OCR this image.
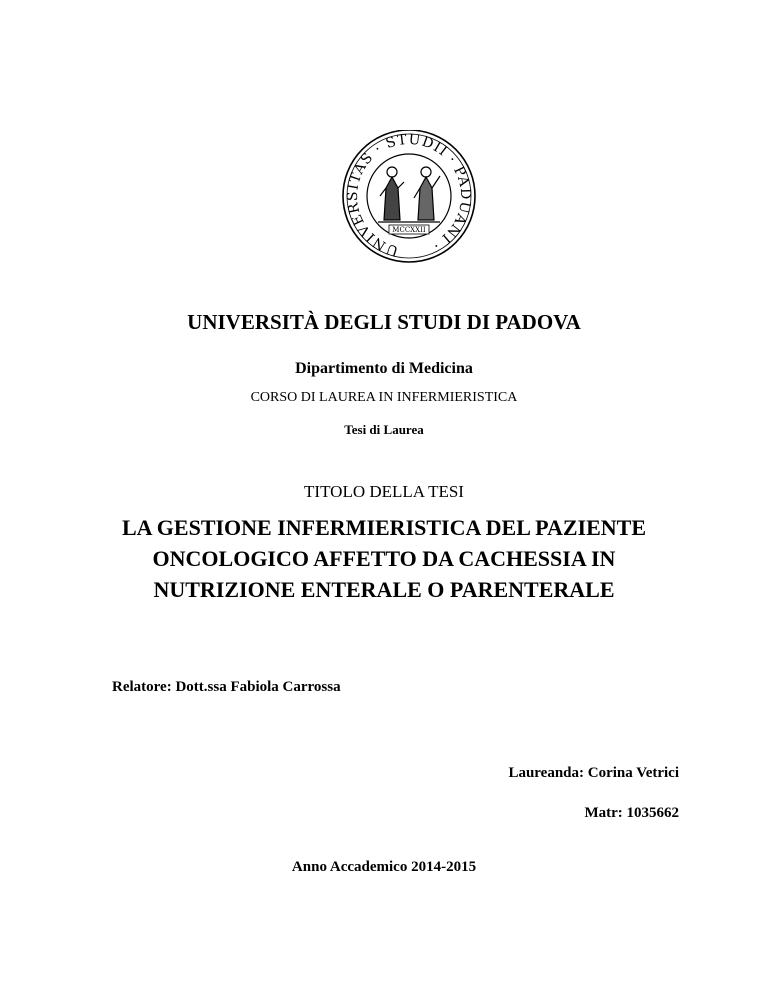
UNIVERSITAS · STUDII · PADUANI ·
MCCXXII
UNIVERSITÀ DEGLI STUDI DI PADOVA
Dipartimento di Medicina
CORSO DI LAUREA IN INFERMIERISTICA
Tesi di Laurea
TITOLO DELLA TESI
LA GESTIONE INFERMIERISTICA DEL PAZIENTE
ONCOLOGICO AFFETTO DA CACHESSIA IN
NUTRIZIONE ENTERALE O PARENTERALE
Relatore: Dott.ssa Fabiola Carrossa
Laureanda: Corina Vetrici
Matr: 1035662
Anno Accademico 2014-2015
